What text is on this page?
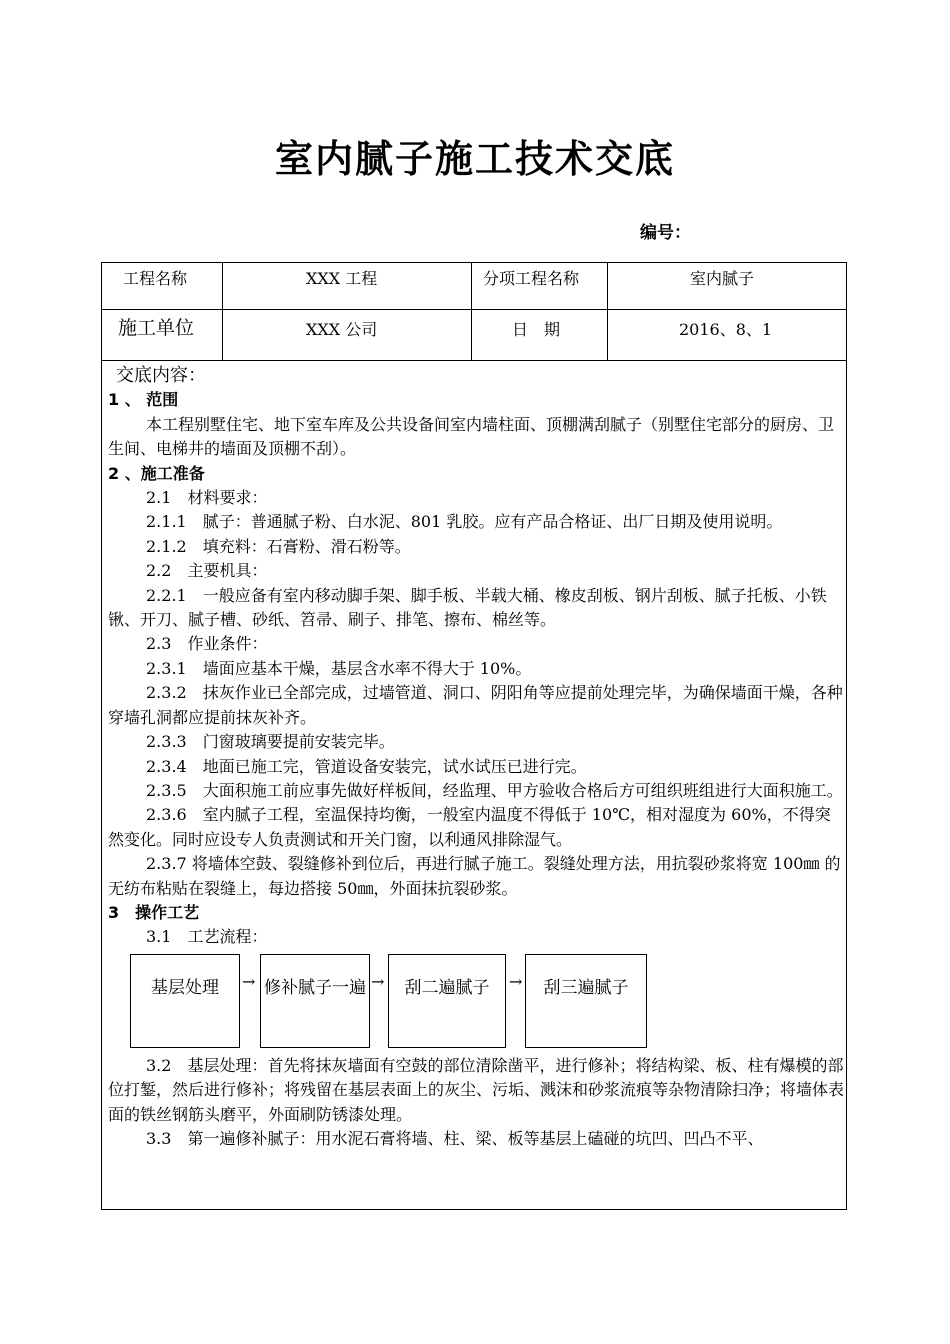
室内腻子施工技术交底
编号：
工程名称	XXX 工程	分项工程名称	室内腻子
施工单位	XXX 公司	日　期	2016、8、1

交底内容：

1 、 范围

本工程别墅住宅、地下室车库及公共设备间室内墙柱面、顶棚满刮腻子（别墅住宅部分的厨房、卫生间、电梯井的墙面及顶棚不刮）。

2 、施工准备

2.1　材料要求：

2.1.1　腻子：普通腻子粉、白水泥、801 乳胶。应有产品合格证、出厂日期及使用说明。

2.1.2　填充料：石膏粉、滑石粉等。

2.2　主要机具：

2.2.1　一般应备有室内移动脚手架、脚手板、半载大桶、橡皮刮板、钢片刮板、腻子托板、小铁锹、开刀、腻子槽、砂纸、笤帚、刷子、排笔、擦布、棉丝等。

2.3　作业条件：

2.3.1　墙面应基本干燥，基层含水率不得大于 10%。

2.3.2　抹灰作业已全部完成，过墙管道、洞口、阴阳角等应提前处理完毕，为确保墙面干燥，各种穿墙孔洞都应提前抹灰补齐。

2.3.3　门窗玻璃要提前安装完毕。

2.3.4　地面已施工完，管道设备安装完，试水试压已进行完。

2.3.5　大面积施工前应事先做好样板间，经监理、甲方验收合格后方可组织班组进行大面积施工。

2.3.6　室内腻子工程，室温保持均衡，一般室内温度不得低于 10℃，相对湿度为 60%，不得突然变化。同时应设专人负责测试和开关门窗，以利通风排除湿气。

2.3.7 将墙体空鼓、裂缝修补到位后，再进行腻子施工。裂缝处理方法，用抗裂砂浆将宽 100㎜ 的无纺布粘贴在裂缝上，每边搭接 50㎜，外面抹抗裂砂浆。

3　操作工艺

3.1　工艺流程：

基层处理	→ 修补腻子一遍 →	刮二遍腻子	→	刮三遍腻子

3.2　基层处理：首先将抹灰墙面有空鼓的部位清除凿平，进行修补；将结构梁、板、柱有爆模的部位打錾，然后进行修补；将残留在基层表面上的灰尘、污垢、溅沫和砂浆流痕等杂物清除扫净；将墙体表面的铁丝钢筋头磨平，外面刷防锈漆处理。

3.3　第一遍修补腻子：用水泥石膏将墙、柱、梁、板等基层上磕碰的坑凹、凹凸不平、
